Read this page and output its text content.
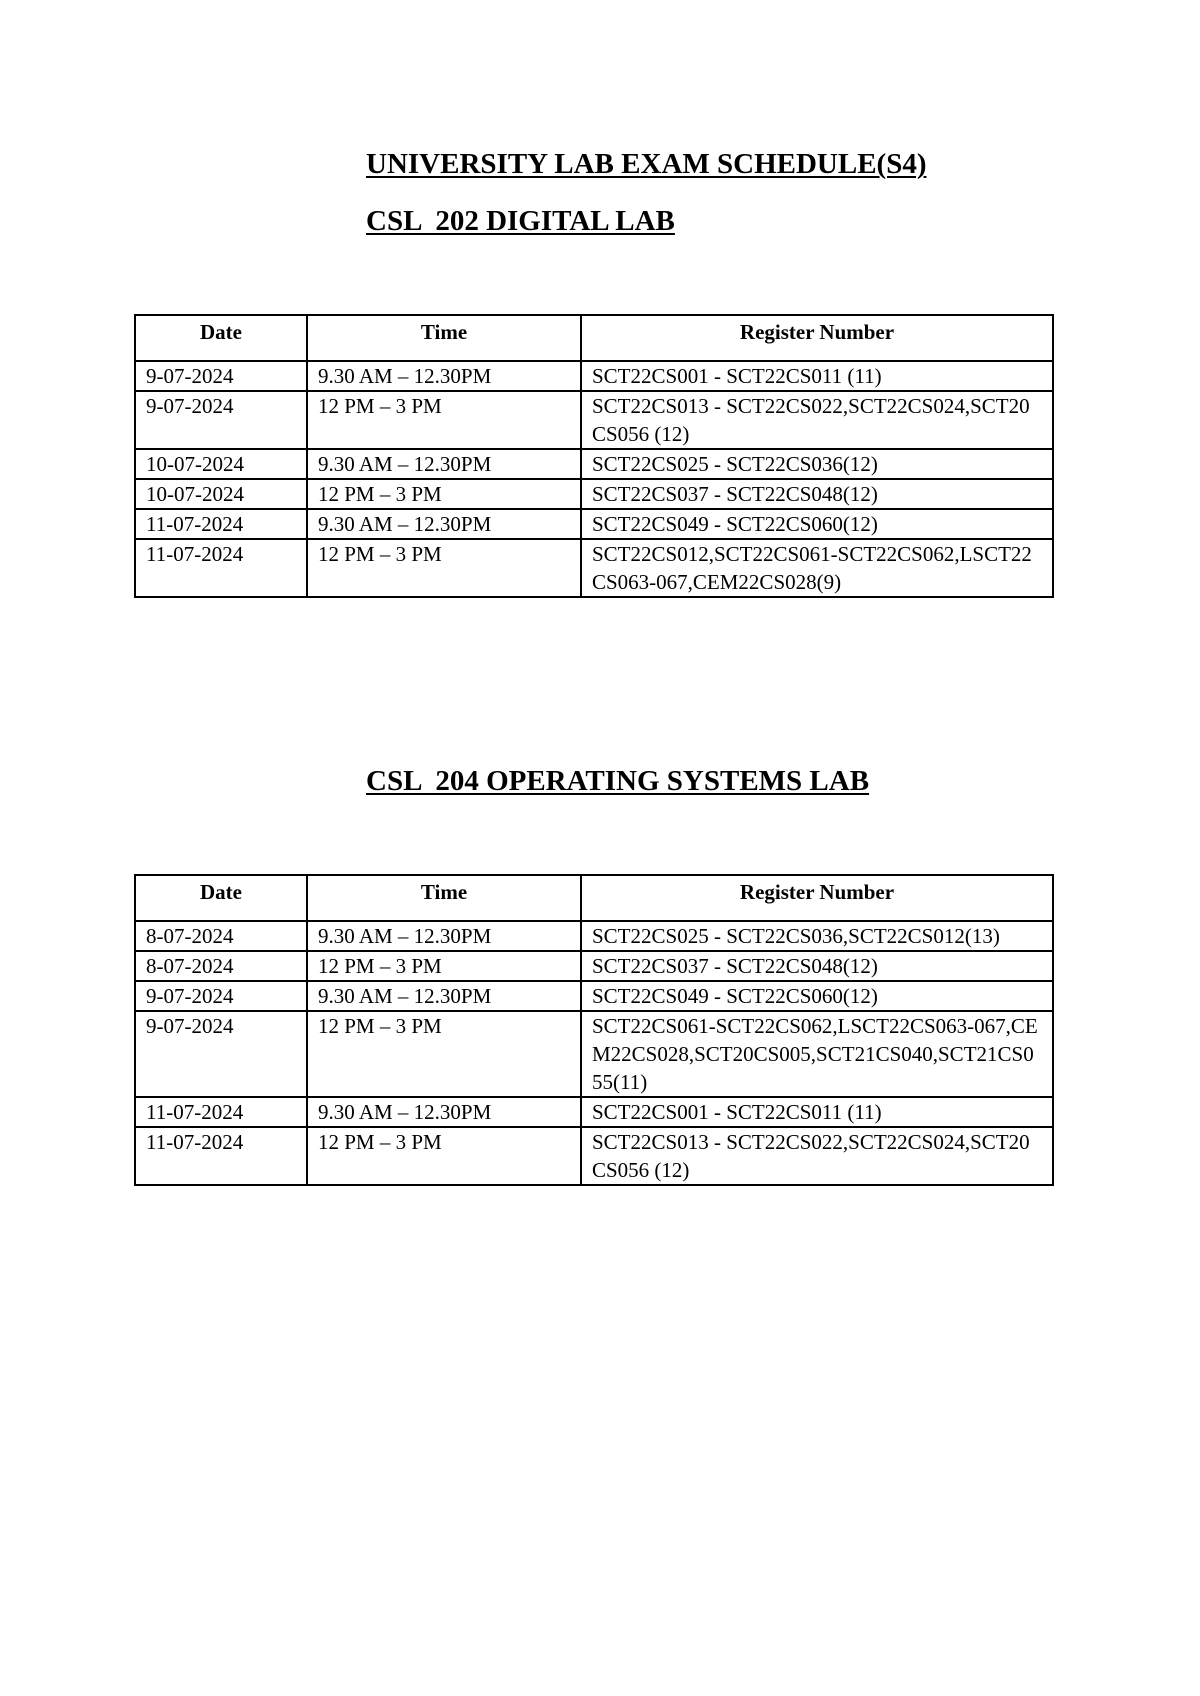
UNIVERSITY LAB EXAM SCHEDULE(S4)
CSL  202 DIGITAL LAB
Date	Time	Register Number
9-07-2024	9.30 AM – 12.30PM	SCT22CS001 - SCT22CS011 (11)
9-07-2024	12 PM – 3 PM	SCT22CS013 - SCT22CS022,SCT22CS024,SCT20CS056 (12)
10-07-2024	9.30 AM – 12.30PM	SCT22CS025 - SCT22CS036(12)
10-07-2024	12 PM – 3 PM	SCT22CS037 - SCT22CS048(12)
11-07-2024	9.30 AM – 12.30PM	SCT22CS049 - SCT22CS060(12)
11-07-2024	12 PM – 3 PM	SCT22CS012,SCT22CS061-SCT22CS062,LSCT22CS063-067,CEM22CS028(9)
CSL  204 OPERATING SYSTEMS LAB
Date	Time	Register Number
8-07-2024	9.30 AM – 12.30PM	SCT22CS025 - SCT22CS036,SCT22CS012(13)
8-07-2024	12 PM – 3 PM	SCT22CS037 - SCT22CS048(12)
9-07-2024	9.30 AM – 12.30PM	SCT22CS049 - SCT22CS060(12)
9-07-2024	12 PM – 3 PM	SCT22CS061-SCT22CS062,LSCT22CS063-067,CEM22CS028,SCT20CS005,SCT21CS040,SCT21CS055(11)
11-07-2024	9.30 AM – 12.30PM	SCT22CS001 - SCT22CS011 (11)
11-07-2024	12 PM – 3 PM	SCT22CS013 - SCT22CS022,SCT22CS024,SCT20CS056 (12)
